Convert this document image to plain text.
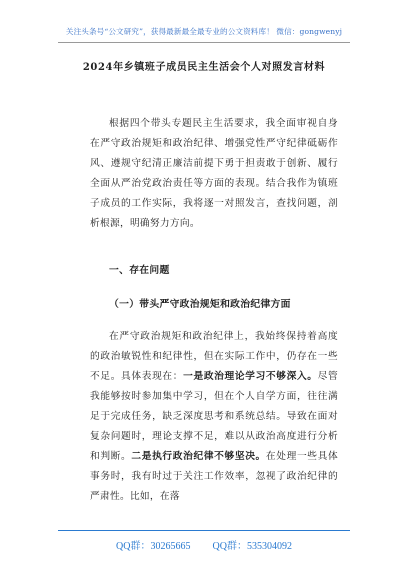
关注头条号“公文研究”，获得最新最全最专业的公文资料库！ 微信：gongwenyj
2024年乡镇班子成员民主生活会个人对照发言材料
根据四个带头专题民主生活要求，我全面审视自身在严守政治规矩和政治纪律、增强党性严守纪律砥砺作风、遵规守纪清正廉洁前提下勇于担责敢于创新、履行全面从严治党政治责任等方面的表现。结合我作为镇班子成员的工作实际，我将逐一对照发言，查找问题，剖析根源，明确努力方向。
一、存在问题
（一）带头严守政治规矩和政治纪律方面
在严守政治规矩和政治纪律上，我始终保持着高度的政治敏锐性和纪律性，但在实际工作中，仍存在一些不足。具体表现在：一是政治理论学习不够深入。尽管我能够按时参加集中学习，但在个人自学方面，往往满足于完成任务，缺乏深度思考和系统总结。导致在面对复杂问题时，理论支撑不足，难以从政治高度进行分析和判断。二是执行政治纪律不够坚决。在处理一些具体事务时，我有时过于关注工作效率，忽视了政治纪律的严肃性。比如，在落
QQ群：30265665 QQ群：535304092
